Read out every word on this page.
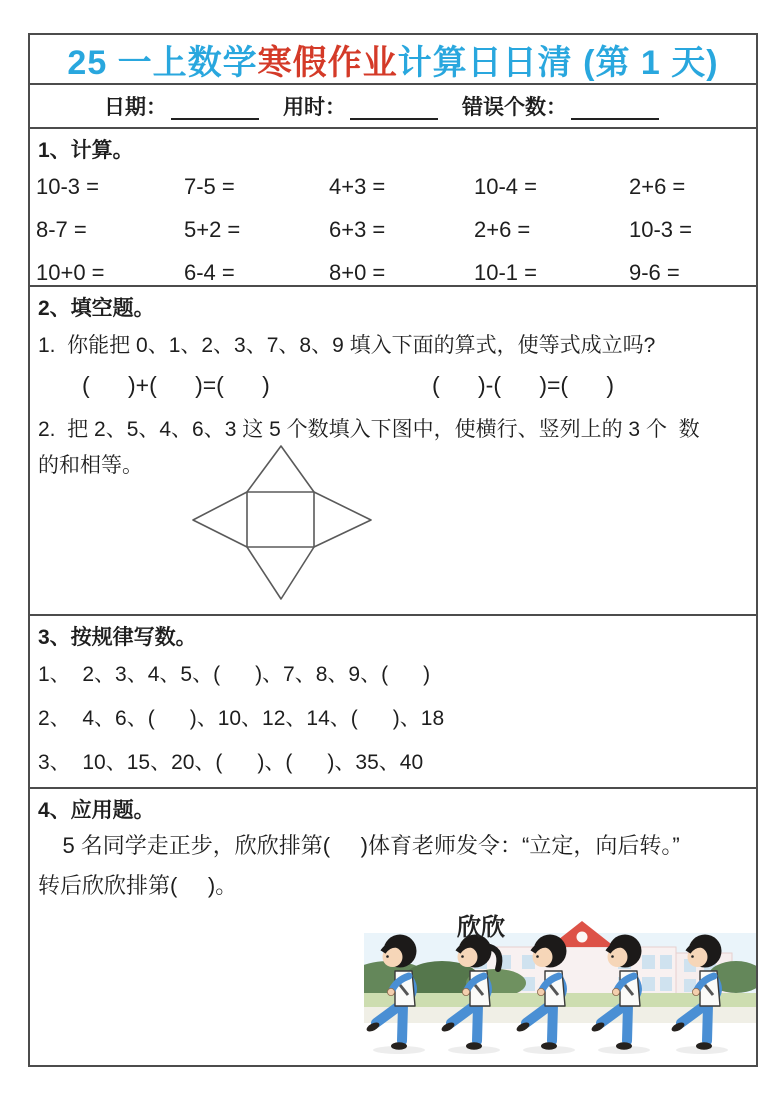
25 一上数学 寒假作业 计算日日清 (第 1 天)
日期：	用时：	错误个数：
1、计算。
10-3 =	7-5 =	4+3 =	10-4 =	2+6 =
8-7 =	5+2 =	6+3 =	2+6 =	10-3 =
10+0 =	6-4 =	8+0 =	10-1 =	9-6 =
2、填空题。
1.  你能把 0、1、2、3、7、8、9 填入下面的算式，使等式成立吗?
(      )+(      )=(      )	(      )-(      )=(      )
2.  把 2、5、4、6、3 这 5 个数填入下图中，使横行、竖列上的 3 个  数
的和相等。
3、按规律写数。
1、  2、3、4、5、(      )、7、8、9、(      )
2、  4、6、(      )、10、12、14、(      )、18
3、  10、15、20、(      )、(      )、35、40
4、应用题。
5 名同学走正步，欣欣排第(     )体育老师发令：“立定，向后转。”
转后欣欣排第(     )。
欣欣
